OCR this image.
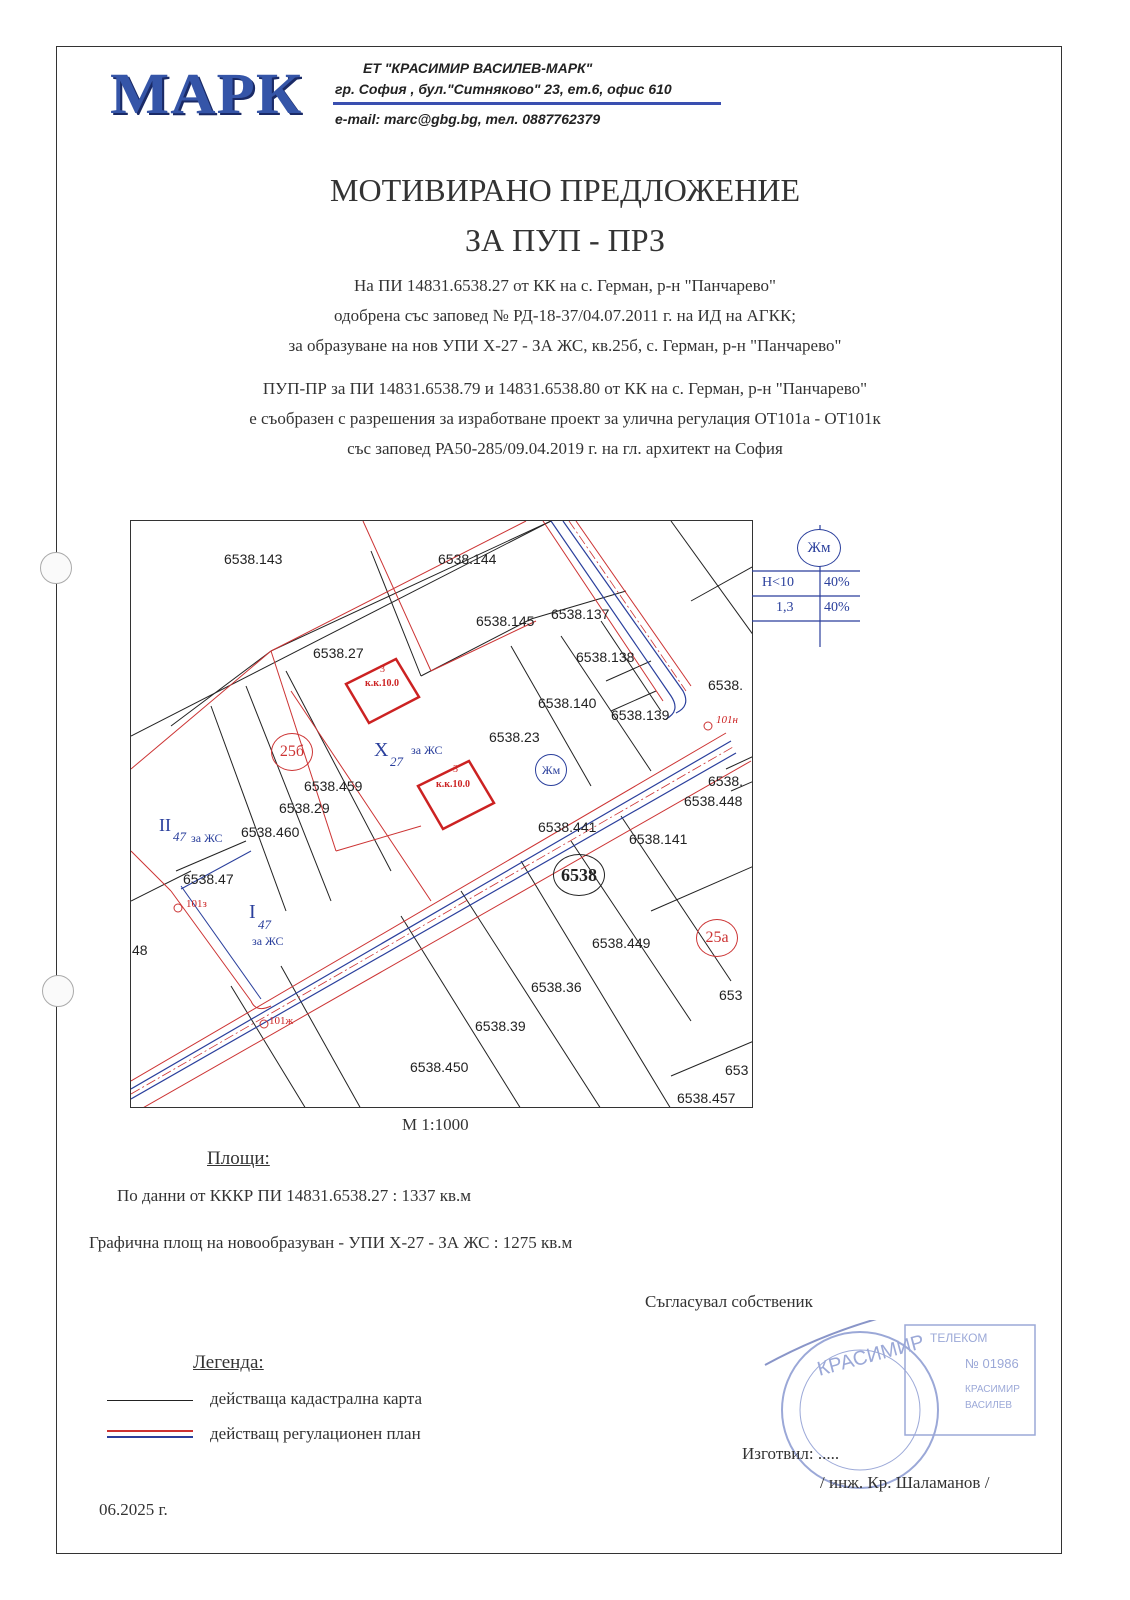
МАРК	ЕТ "КРАСИМИР ВАСИЛЕВ-МАРК"
гр. София , бул."Ситняково" 23, ет.6, офис 610
e-mail: marc@gbg.bg, тел. 0887762379
МОТИВИРАНО ПРЕДЛОЖЕНИЕ
ЗА ПУП - ПРЗ
На ПИ 14831.6538.27 от КК на с. Герман, р-н "Панчарево"
одобрена със заповед № РД-18-37/04.07.2011 г. на ИД на АГКК;
за образуване на нов УПИ Х-27 - ЗА ЖС, кв.25б, с. Герман, р-н "Панчарево"
ПУП-ПР за ПИ 14831.6538.79 и 14831.6538.80 от КК на с. Герман, р-н "Панчарево"
е съобразен с разрешения за изработване проект за улична регулация ОТ101а - ОТ101к
със заповед РА50-285/09.04.2019 г. на гл. архитект на София
6538.143	6538.144
6538.145 6538.137
6538.27	6538.138
6538.
6538.140
6538.139
6538.23
6538.
6538.448
6538.459
6538.29
6538.441
6538.141
6538.460
6538.47
6538.449
48
6538.36	653
6538.39
6538.450	653
6538.457
6538
25б
25а
Жм
3
к.к.10.0
3
к.к.10.0
Х
27
за ЖС
II
47 за ЖС
I
47
за ЖС
101н
101з
101ж
Жм
Н<10 40%
1,3 40%
М 1:1000
Площи:
По данни от КККР ПИ 14831.6538.27 : 1337 кв.м
Графична площ на новообразуван - УПИ Х-27 - ЗА ЖС : 1275 кв.м
Съгласувал собственик
КРАСИМИР ТЕЛЕКОМ
№ 01986
КРАСИМИР
ВАСИЛЕВ
Легенда:
действаща кадастрална карта
действащ регулационен план
Изготвил: .....
/ инж. Кр. Шаламанов /
06.2025 г.
